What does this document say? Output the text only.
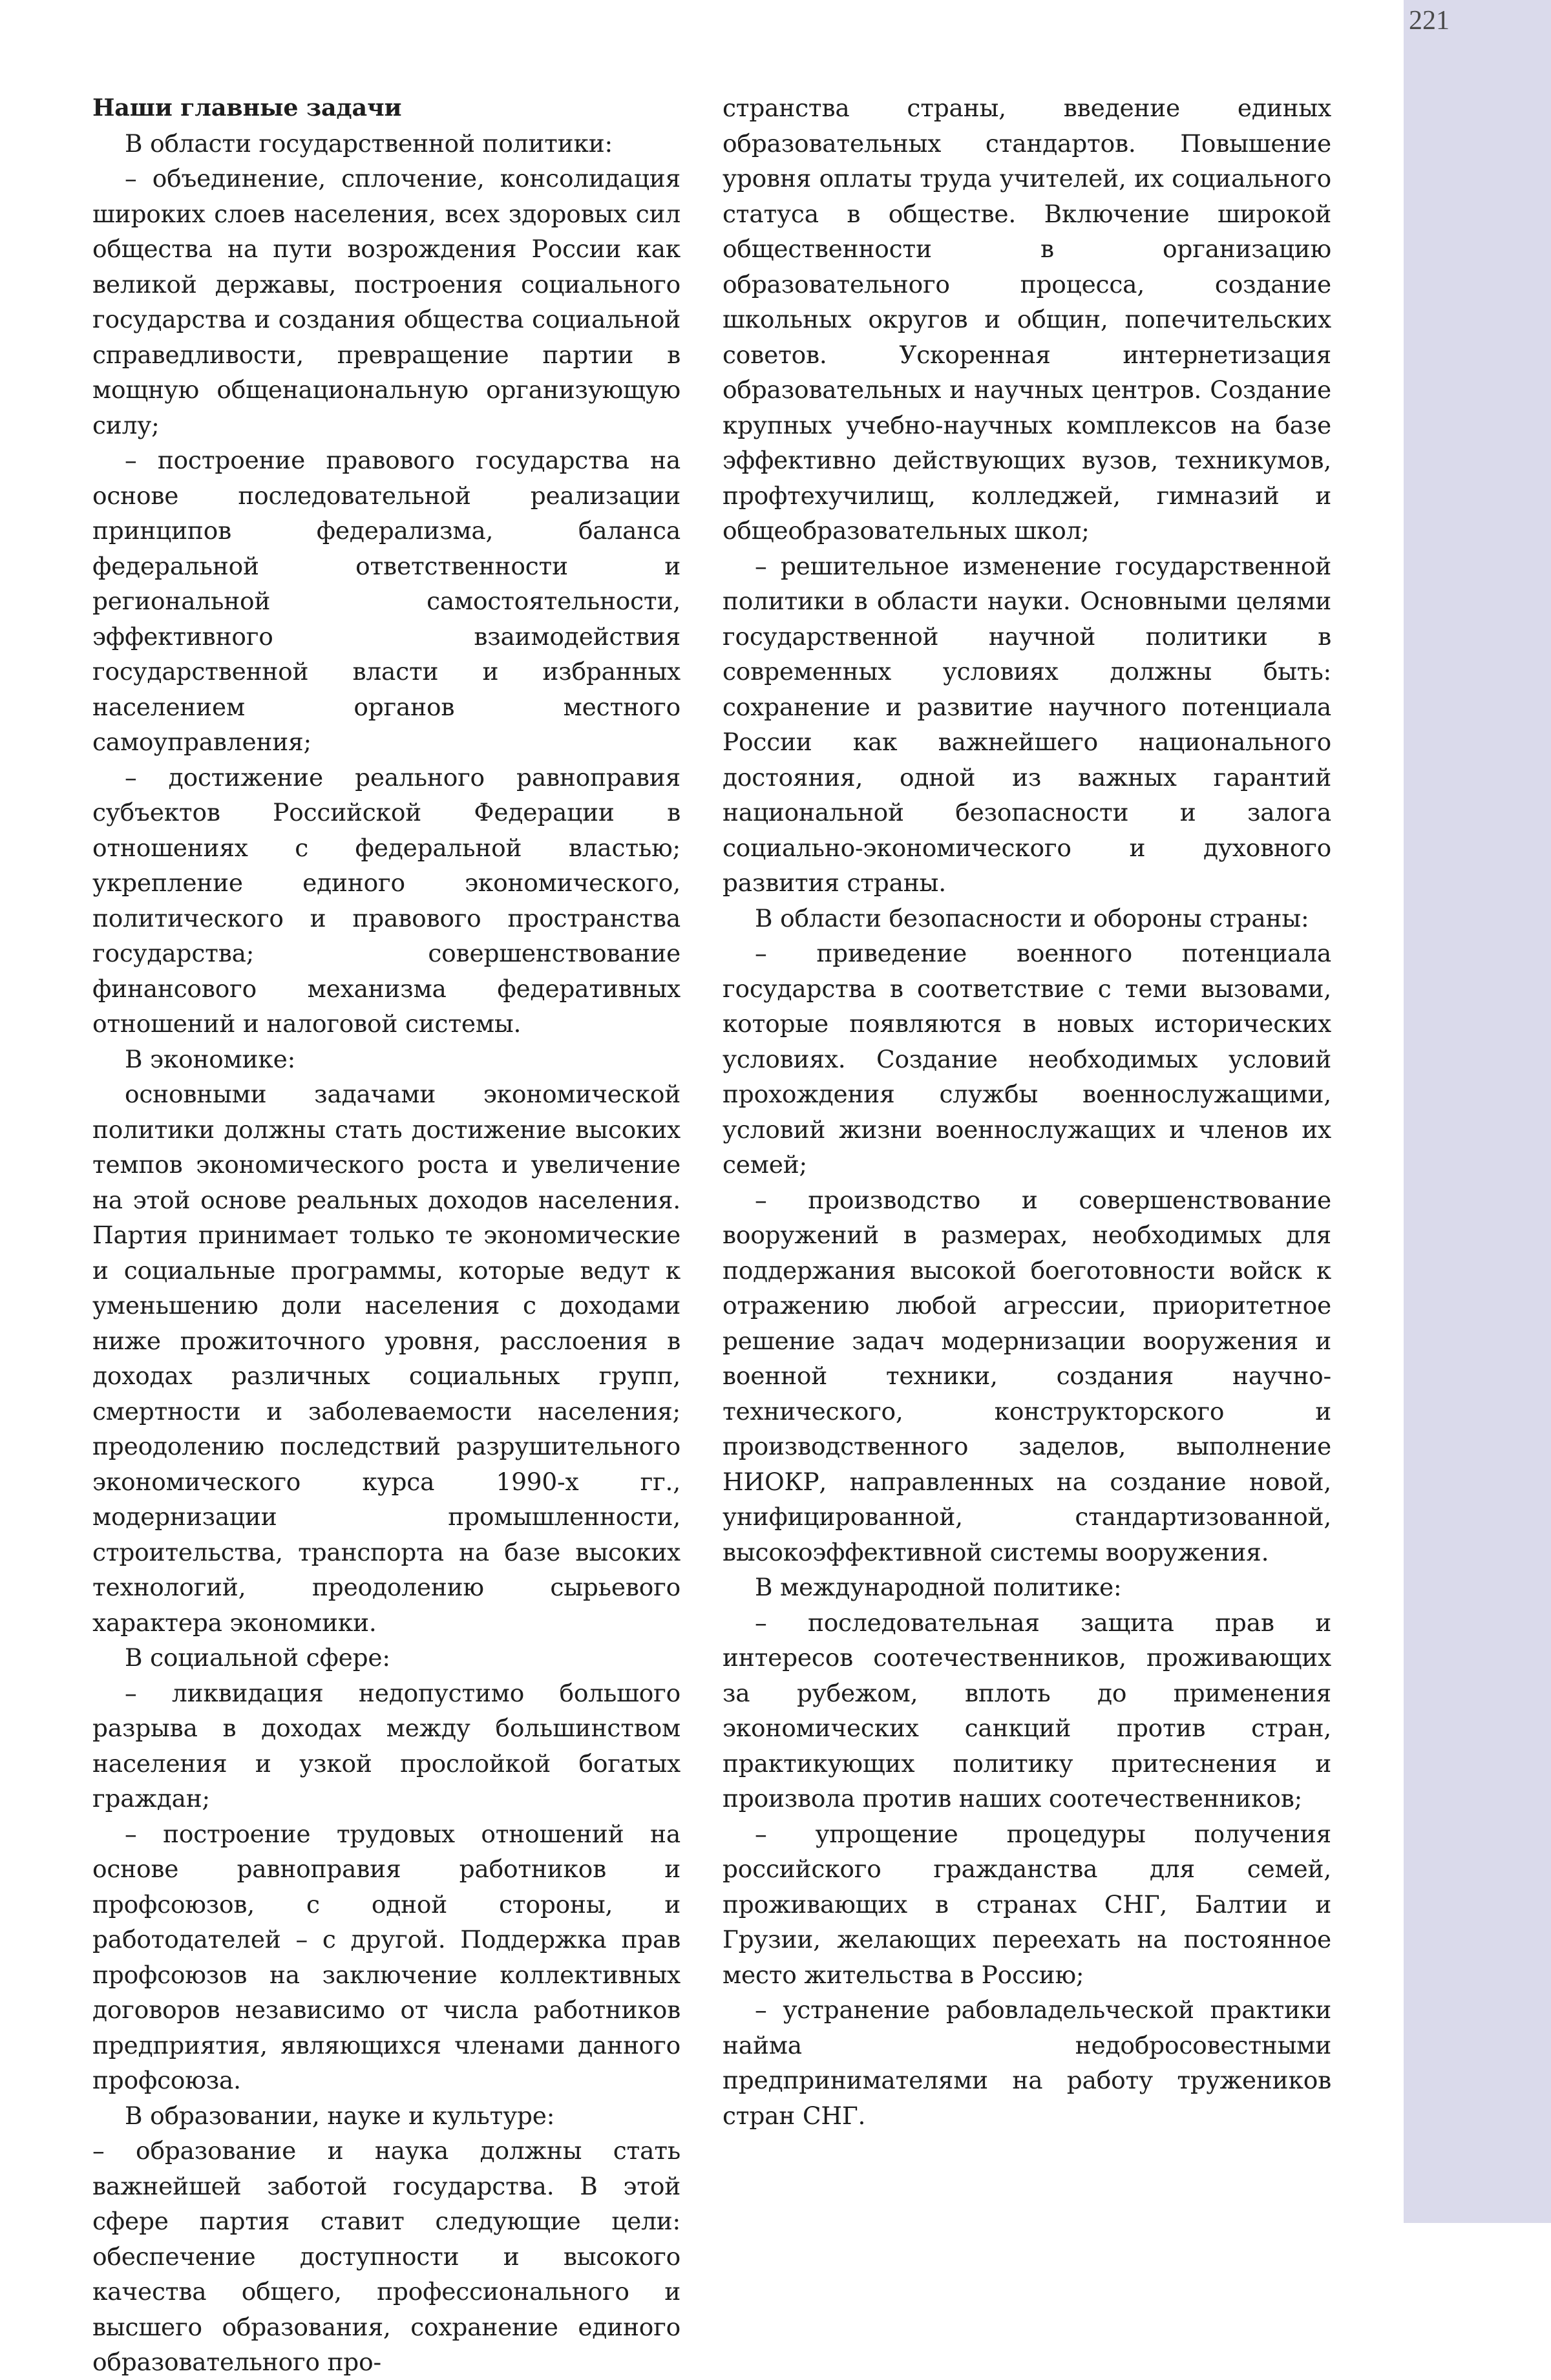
221

Наши главные задачи

В области государственной политики:

– объединение, сплочение, консолидация широких слоев населения, всех здоровых сил общества на пути возрождения России как великой державы, построения социального государства и создания общества социальной справедливости, превращение партии в мощную общенациональную организующую силу;

– построение правового государства на основе последовательной реализации принципов федерализма, баланса федеральной ответственности и региональной самостоятельности, эффективного взаимодействия государственной власти и избранных населением органов местного самоуправления;

– достижение реального равноправия субъектов Российской Федерации в отношениях с федеральной властью; укрепление единого экономического, политического и правового пространства государства; совершенствование финансового механизма федеративных отношений и налоговой системы.

В экономике:

основными задачами экономической политики должны стать достижение высоких темпов экономического роста и увеличение на этой основе реальных доходов населения. Партия принимает только те экономические и социальные программы, которые ведут к уменьшению доли населения с доходами ниже прожиточного уровня, расслоения в доходах различных социальных групп, смертности и заболеваемости населения; преодолению последствий разрушительного экономического курса 1990-х гг., модернизации промышленности, строительства, транспорта на базе высоких технологий, преодолению сырьевого характера экономики.

В социальной сфере:

– ликвидация недопустимо большого разрыва в доходах между большинством населения и узкой прослойкой богатых граждан;

– построение трудовых отношений на основе равноправия работников и профсоюзов, с одной стороны, и работодателей – с другой. Поддержка прав профсоюзов на заключение коллективных договоров независимо от числа работников предприятия, являющихся членами данного профсоюза.

В образовании, науке и культуре:

– образование и наука должны стать важнейшей заботой государства. В этой сфере партия ставит следующие цели: обеспечение доступности и высокого качества общего, профессионального и высшего образования, сохранение единого образовательного про-

странства страны, введение единых образовательных стандартов. Повышение уровня оплаты труда учителей, их социального статуса в обществе. Включение широкой общественности в организацию образовательного процесса, создание школьных округов и общин, попечительских советов. Ускоренная интернетизация образовательных и научных центров. Создание крупных учебно-научных комплексов на базе эффективно действующих вузов, техникумов, профтехучилищ, колледжей, гимназий и общеобразовательных школ;

– решительное изменение государственной политики в области науки. Основными целями государственной научной политики в современных условиях должны быть: сохранение и развитие научного потенциала России как важнейшего национального достояния, одной из важных гарантий национальной безопасности и залога социально-экономического и духовного развития страны.

В области безопасности и обороны страны:

– приведение военного потенциала государства в соответствие с теми вызовами, которые появляются в новых исторических условиях. Создание необходимых условий прохождения службы военнослужащими, условий жизни военнослужащих и членов их семей;

– производство и совершенствование вооружений в размерах, необходимых для поддержания высокой боеготовности войск к отражению любой агрессии, приоритетное решение задач модернизации вооружения и военной техники, создания научно-технического, конструкторского и производственного заделов, выполнение НИОКР, направленных на создание новой, унифицированной, стандартизованной, высокоэффективной системы вооружения.

В международной политике:

– последовательная защита прав и интересов соотечественников, проживающих за рубежом, вплоть до применения экономических санкций против стран, практикующих политику притеснения и произвола против наших соотечественников;

– упрощение процедуры получения российского гражданства для семей, проживающих в странах СНГ, Балтии и Грузии, желающих переехать на постоянное место жительства в Россию;

– устранение рабовладельческой практики найма недобросовестными предпринимателями на работу тружеников стран СНГ.
